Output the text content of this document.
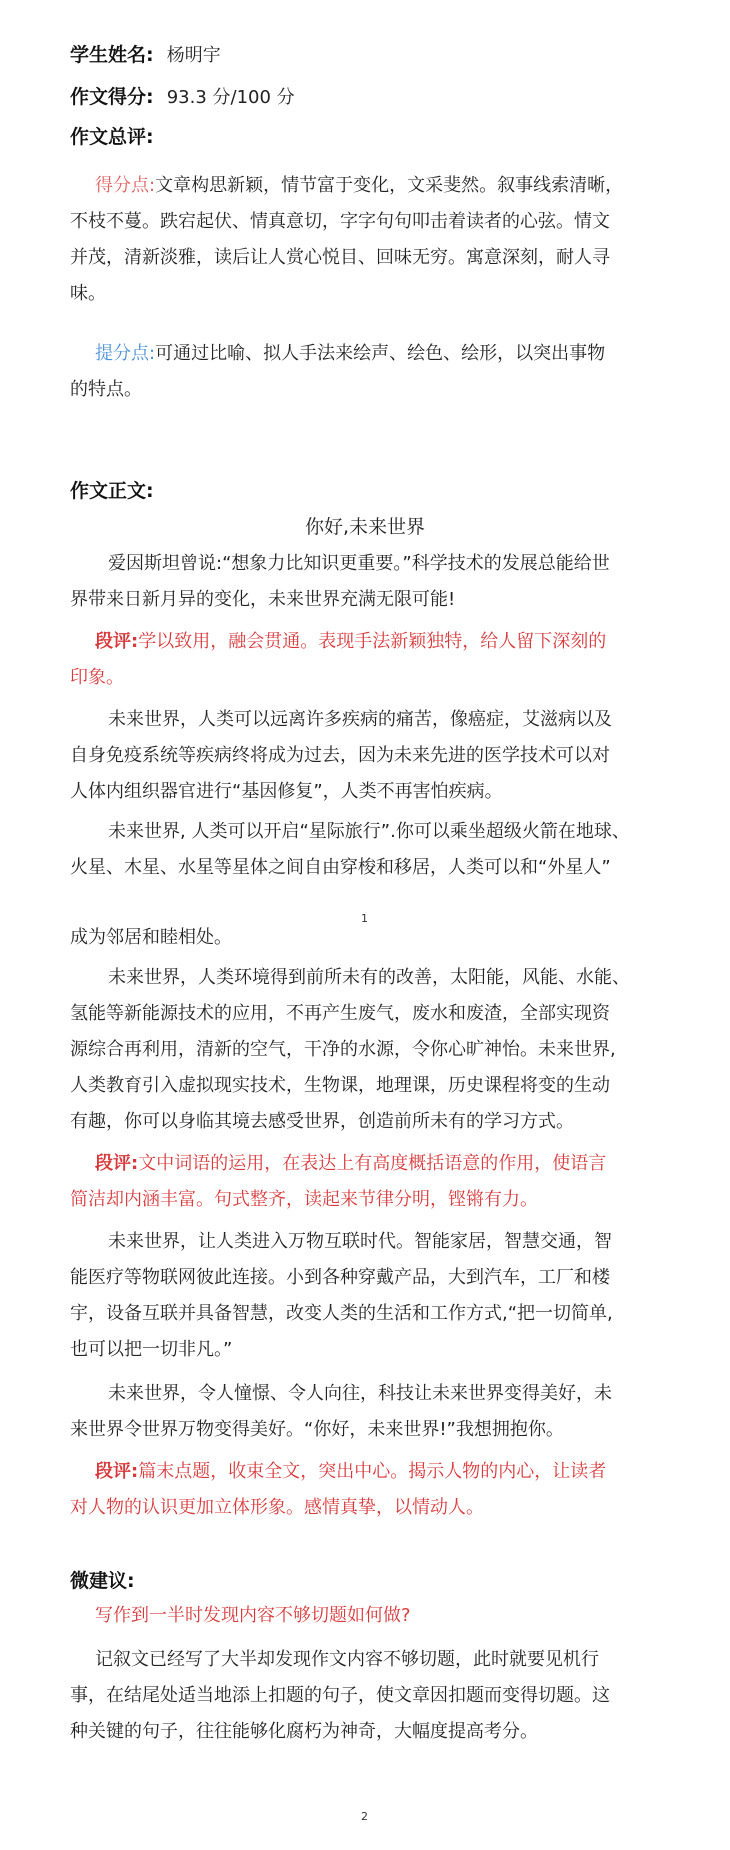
学生姓名: 杨明宇
作文得分: 93.3 分/100 分
作文总评:
得分点:文章构思新颖，情节富于变化，文采斐然。叙事线索清晰，
不枝不蔓。跌宕起伏、情真意切，字字句句叩击着读者的心弦。情文
并茂，清新淡雅，读后让人赏心悦目、回味无穷。寓意深刻，耐人寻
味。
提分点:可通过比喻、拟人手法来绘声、绘色、绘形，以突出事物
的特点。
作文正文:
你好,未来世界
爱因斯坦曾说:“想象力比知识更重要。”科学技术的发展总能给世
界带来日新月异的变化，未来世界充满无限可能!
段评:学以致用，融会贯通。表现手法新颖独特，给人留下深刻的
印象。
未来世界，人类可以远离许多疾病的痛苦，像癌症，艾滋病以及
自身免疫系统等疾病终将成为过去，因为未来先进的医学技术可以对
人体内组织器官进行“基因修复”，人类不再害怕疾病。
未来世界, 人类可以开启“星际旅行”.你可以乘坐超级火箭在地球、
火星、木星、水星等星体之间自由穿梭和移居，人类可以和“外星人”
1
成为邻居和睦相处。
未来世界，人类环境得到前所未有的改善，太阳能，风能、水能、
氢能等新能源技术的应用，不再产生废气，废水和废渣，全部实现资
源综合再利用，清新的空气，干净的水源，令你心旷神怡。未来世界,
人类教育引入虚拟现实技术，生物课，地理课，历史课程将变的生动
有趣，你可以身临其境去感受世界，创造前所未有的学习方式。
段评:文中词语的运用，在表达上有高度概括语意的作用，使语言
简洁却内涵丰富。句式整齐，读起来节律分明，铿锵有力。
未来世界，让人类进入万物互联时代。智能家居，智慧交通，智
能医疗等物联网彼此连接。小到各种穿戴产品，大到汽车，工厂和楼
宇，设备互联并具备智慧，改变人类的生活和工作方式,“把一切简单,
也可以把一切非凡。”
未来世界，令人憧憬、令人向往，科技让未来世界变得美好，未
来世界令世界万物变得美好。“你好，未来世界!”我想拥抱你。
段评:篇末点题，收束全文，突出中心。揭示人物的内心，让读者
对人物的认识更加立体形象。感情真挚，以情动人。
微建议:
写作到一半时发现内容不够切题如何做?
记叙文已经写了大半却发现作文内容不够切题，此时就要见机行
事，在结尾处适当地添上扣题的句子，使文章因扣题而变得切题。这
种关键的句子，往往能够化腐朽为神奇，大幅度提高考分。
2
